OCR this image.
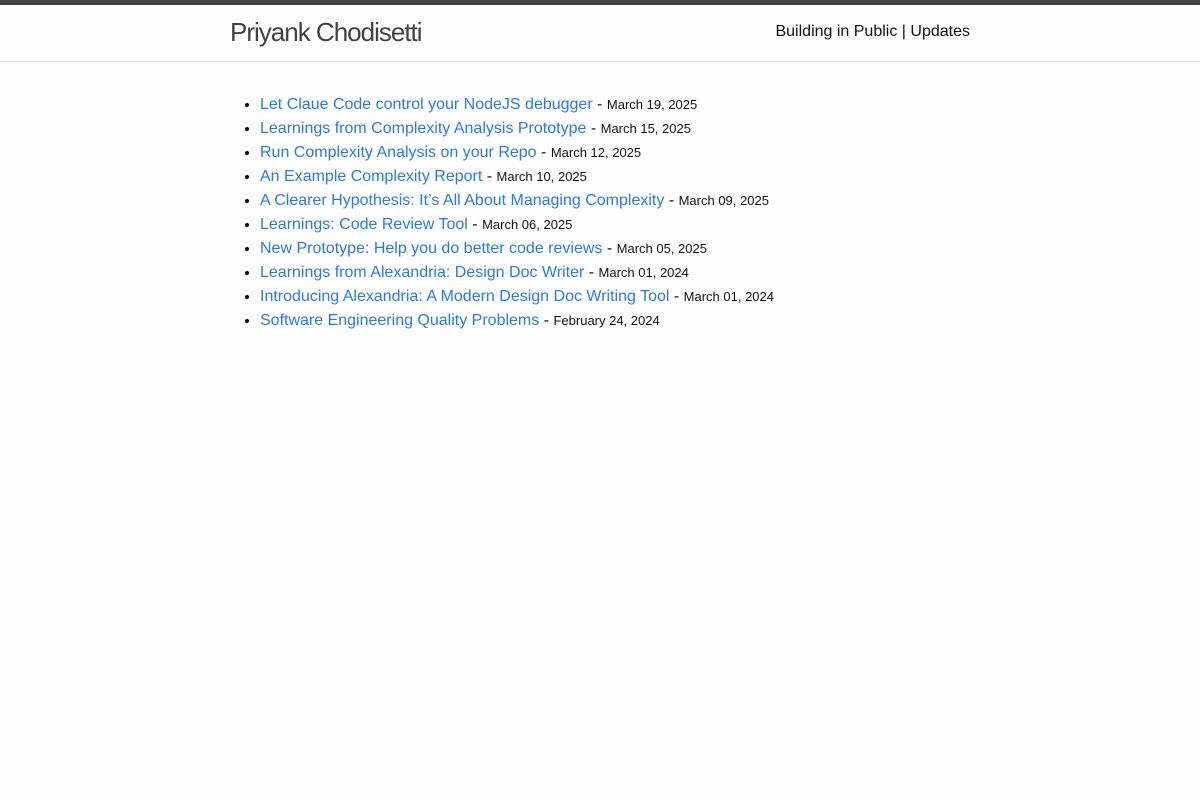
Priyank Chodisetti	Building in Public | Updates
• Let Claue Code control your NodeJS debugger - March 19, 2025
• Learnings from Complexity Analysis Prototype - March 15, 2025
• Run Complexity Analysis on your Repo - March 12, 2025
• An Example Complexity Report - March 10, 2025
• A Clearer Hypothesis: It’s All About Managing Complexity - March 09, 2025
• Learnings: Code Review Tool - March 06, 2025
• New Prototype: Help you do better code reviews - March 05, 2025
• Learnings from Alexandria: Design Doc Writer - March 01, 2024
• Introducing Alexandria: A Modern Design Doc Writing Tool - March 01, 2024
• Software Engineering Quality Problems - February 24, 2024
